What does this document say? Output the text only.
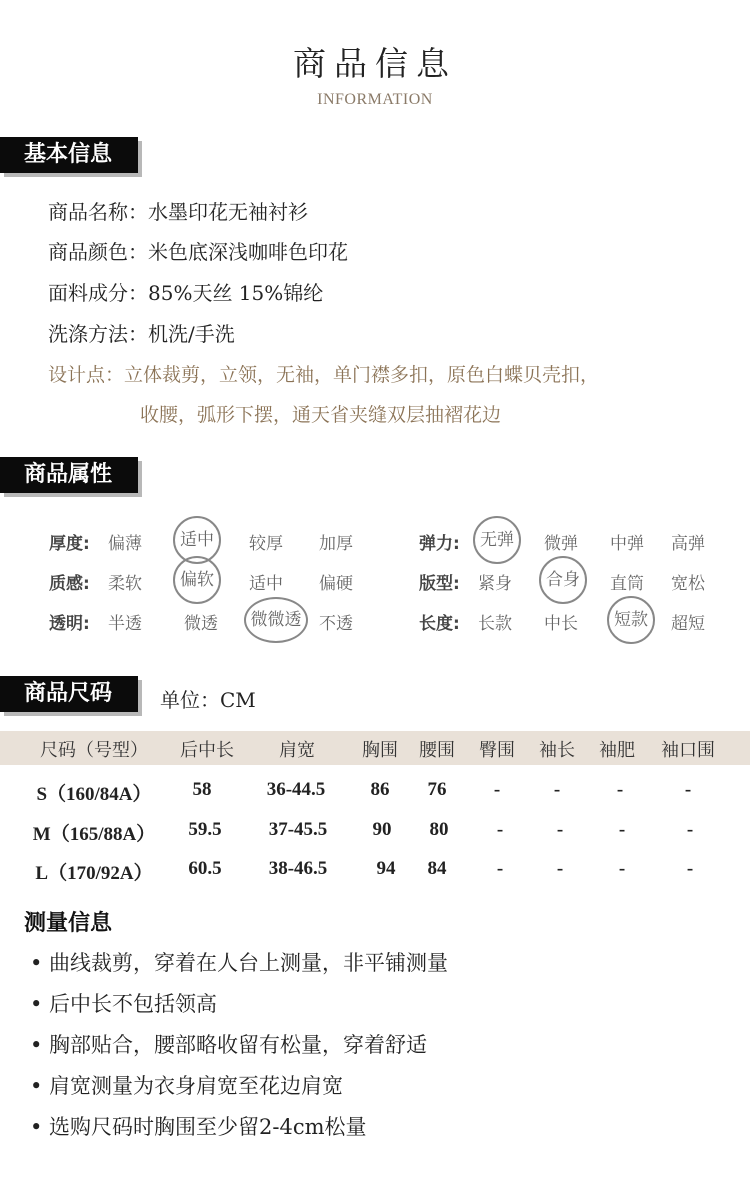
商品信息
INFORMATION
基本信息
商品名称：水墨印花无袖衬衫
商品颜色：米色底深浅咖啡色印花
面料成分：85%天丝 15%锦纶
洗涤方法：机洗/手洗
设计点：立体裁剪，立领，无袖，单门襟多扣，原色白蝶贝壳扣，
收腰，弧形下摆，通天省夹缝双层抽褶花边
商品属性
厚度: 偏薄	适中	较厚 加厚
质感: 柔软	偏软	适中 偏硬
透明: 半透 微透	微微透	不透
弹力:	无弹	微弹 中弹 高弹
版型: 紧身	合身	直筒 宽松
长度: 长款 中长	短款	超短
商品尺码	单位：CM
尺码（号型）	后中长	肩宽	胸围	腰围	臀围	袖长	袖肥	袖口围
S（160/84A）	58	36-44.5	86	76	-	-	-	-
M（165/88A）	59.5	37-45.5	90	80	-	-	-	-
L（170/92A）	60.5	38-46.5	94	84	-	-	-	-
测量信息
• 曲线裁剪，穿着在人台上测量，非平铺测量
• 后中长不包括领高
• 胸部贴合，腰部略收留有松量，穿着舒适
• 肩宽测量为衣身肩宽至花边肩宽
• 选购尺码时胸围至少留2-4cm松量
